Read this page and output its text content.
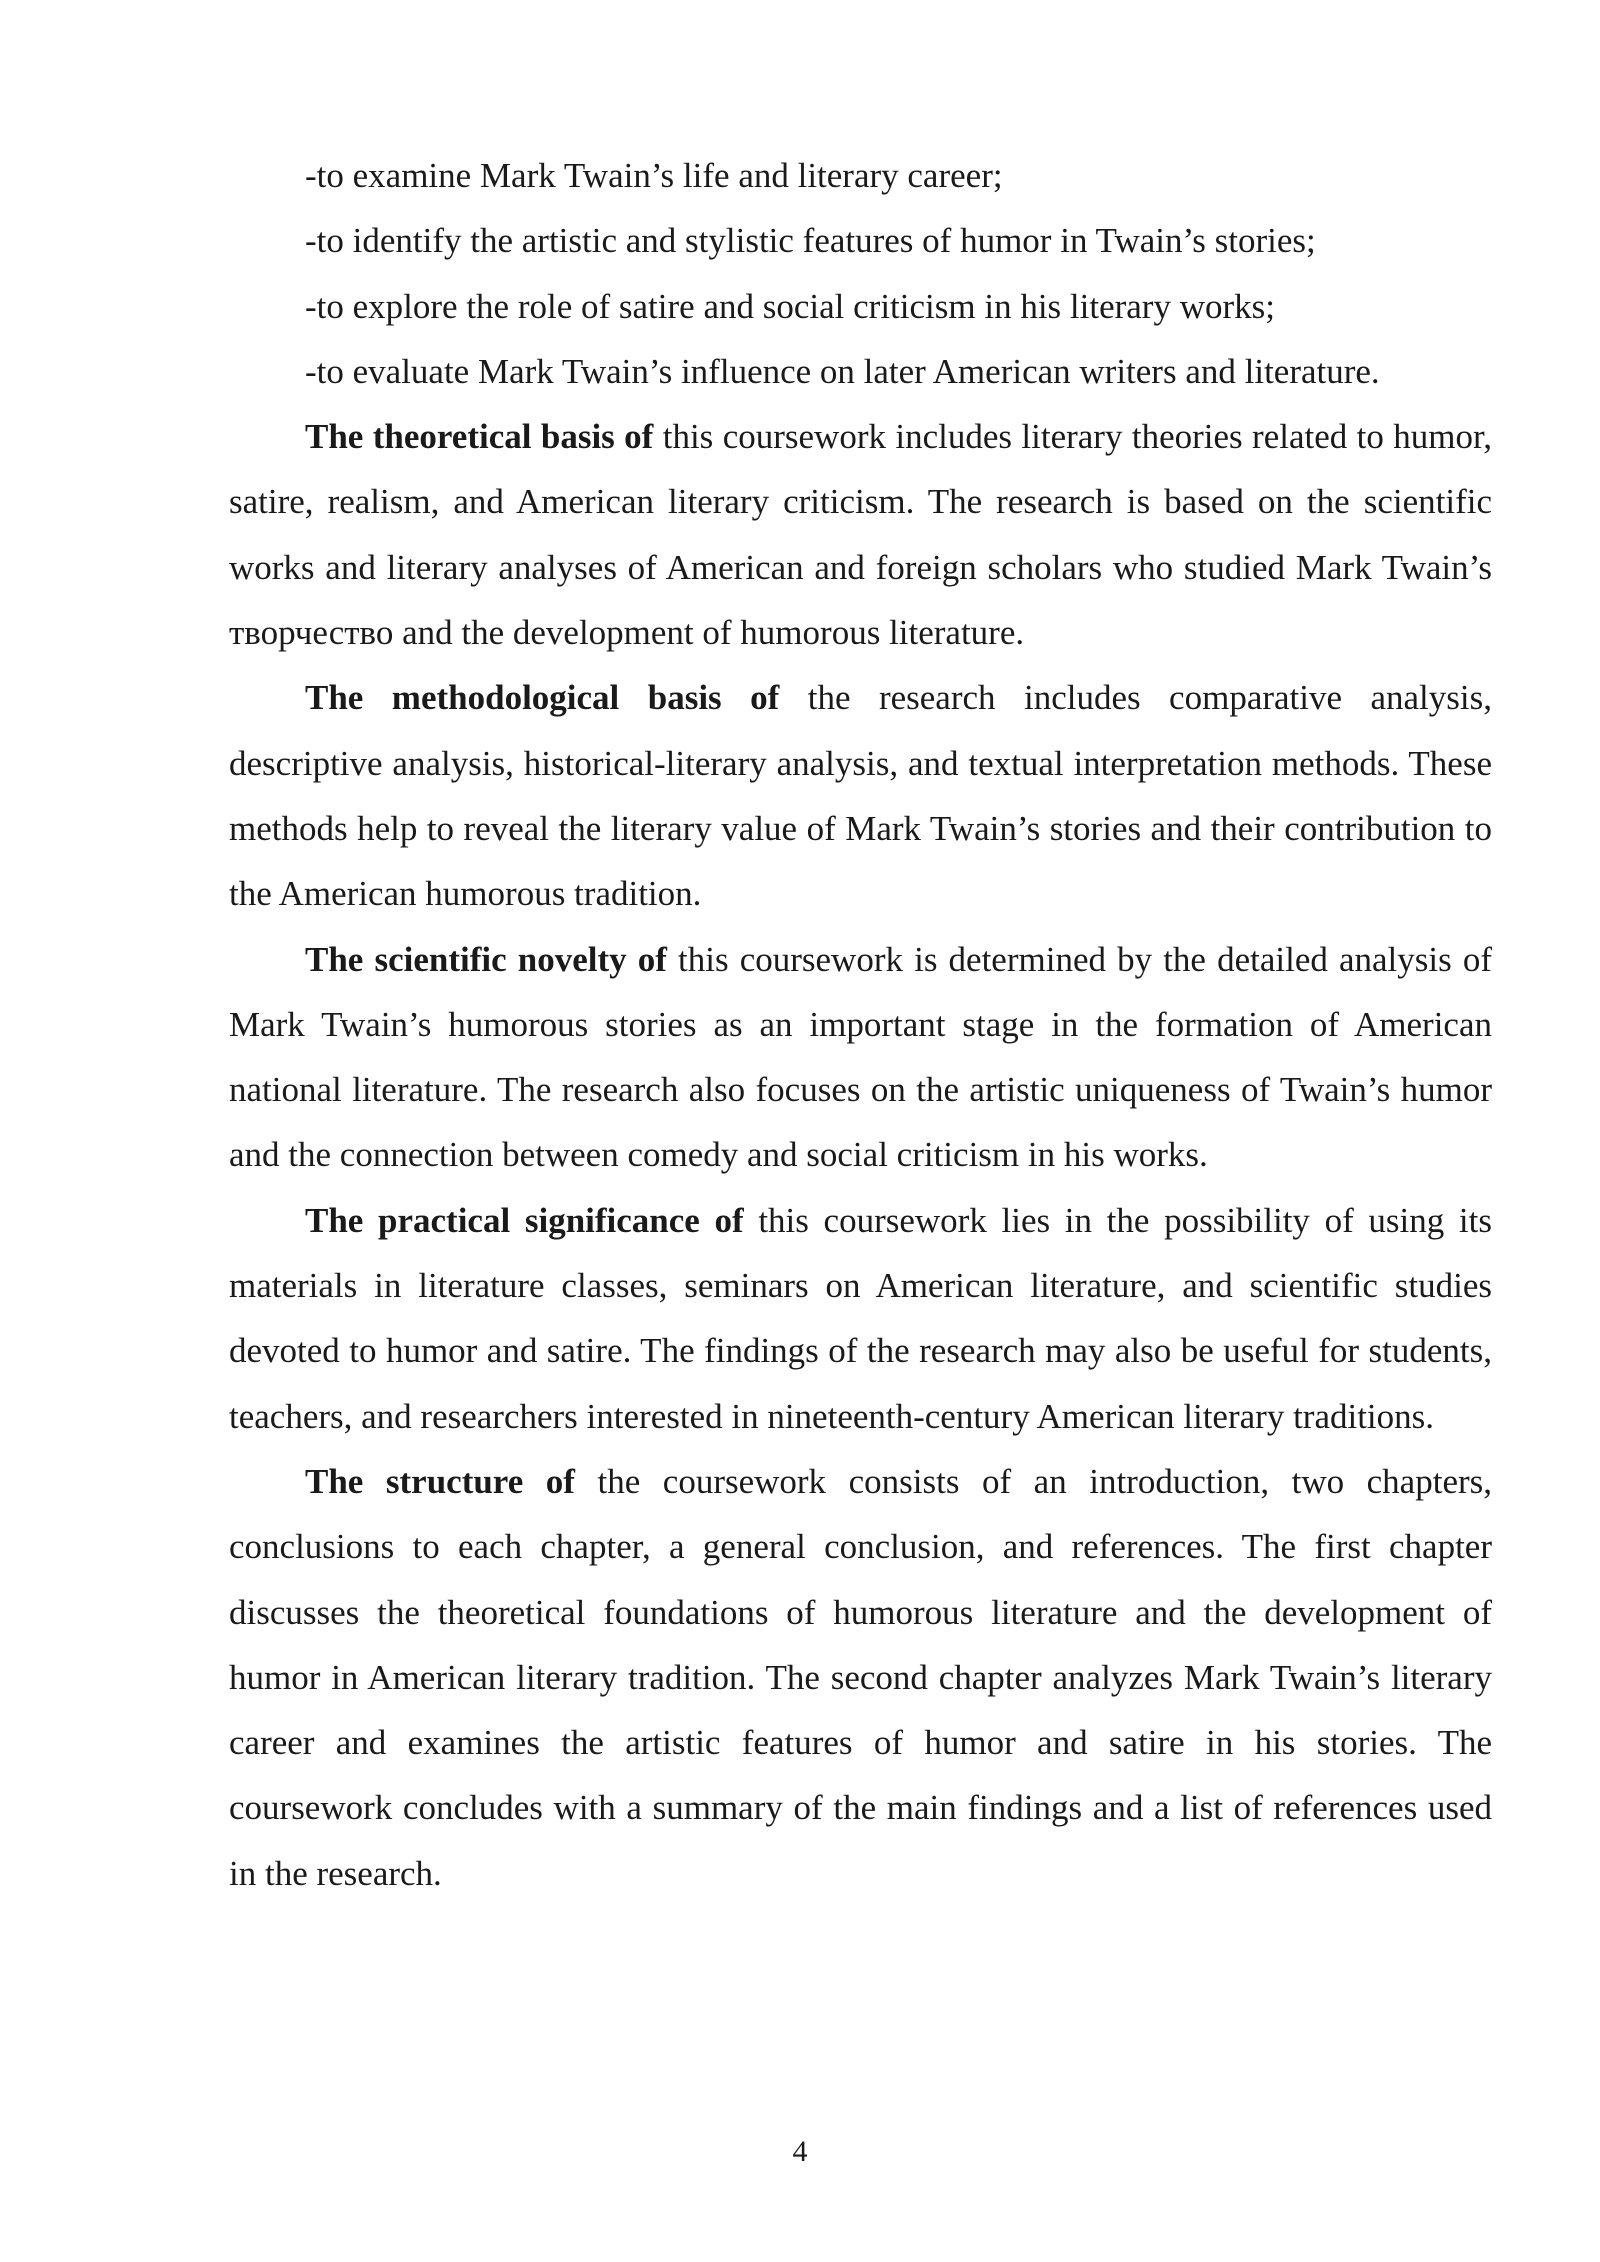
-to examine Mark Twain’s life and literary career;

-to identify the artistic and stylistic features of humor in Twain’s stories;

-to explore the role of satire and social criticism in his literary works;

-to evaluate Mark Twain’s influence on later American writers and literature.

The theoretical basis of this coursework includes literary theories related to humor, satire, realism, and American literary criticism. The research is based on the scientific works and literary analyses of American and foreign scholars who studied Mark Twain’s творчество and the development of humorous literature.

The methodological basis of the research includes comparative analysis, descriptive analysis, historical-literary analysis, and textual interpretation methods. These methods help to reveal the literary value of Mark Twain’s stories and their contribution to the American humorous tradition.

The scientific novelty of this coursework is determined by the detailed analysis of Mark Twain’s humorous stories as an important stage in the formation of American national literature. The research also focuses on the artistic uniqueness of Twain’s humor and the connection between comedy and social criticism in his works.

The practical significance of this coursework lies in the possibility of using its materials in literature classes, seminars on American literature, and scientific studies devoted to humor and satire. The findings of the research may also be useful for students, teachers, and researchers interested in nineteenth-century American literary traditions.

The structure of the coursework consists of an introduction, two chapters, conclusions to each chapter, a general conclusion, and references. The first chapter discusses the theoretical foundations of humorous literature and the development of humor in American literary tradition. The second chapter analyzes Mark Twain’s literary career and examines the artistic features of humor and satire in his stories. The coursework concludes with a summary of the main findings and a list of references used in the research.

4
